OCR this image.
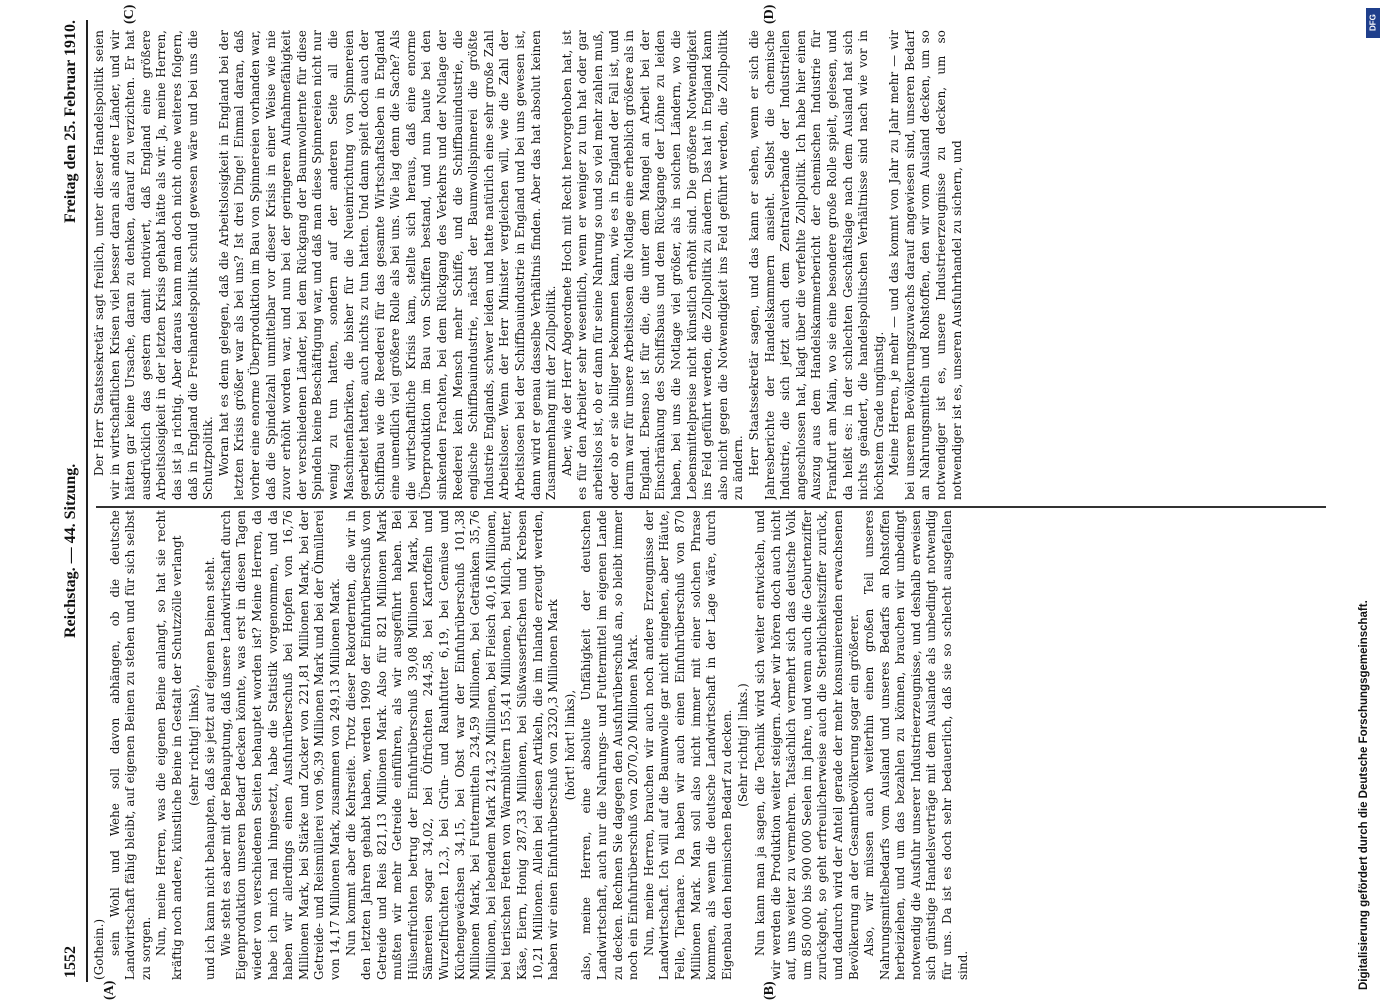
1552
Reichstag. — 44. Sitzung.
Freitag den 25. Februar 1910.

(Gothein.) sein Wohl und Wehe soll davon abhängen, ob die deutsche Landwirtschaft fähig bleibt, auf eigenen Beinen zu stehen und für sich selbst zu sorgen. Nun, meine Herren, was die eigenen Beine anlangt, so hat sie recht kräftig noch andere, künstliche Beine in Gestalt der Schutzzölle verlangt (sehr richtig! links), und ich kann nicht behaupten, daß sie jetzt auf eigenen Beinen steht. Wie steht es aber mit der Behauptung, daß unsere Landwirtschaft durch Eigenproduktion unseren Bedarf decken könnte, was erst in diesen Tagen wieder von verschiedenen Seiten behauptet worden ist? Meine Herren, da habe ich mich mal hingesetzt, habe die Statistik vorgenommen, und da haben wir allerdings einen Ausfuhrüberschuß bei Hopfen von 16,76 Millionen Mark, bei Stärke und Zucker von 221,81 Millionen Mark, bei der Getreide- und Reismüllerei von 96,39 Millionen Mark und bei der Ölmüllerei von 14,17 Millionen Mark, zusammen von 249,13 Millionen Mark. Nun kommt aber die Kehrseite. Trotz dieser Rekordernten, die wir in den letzten Jahren gehabt haben, werden 1909 der Einfuhrüberschuß von Getreide und Reis 821,13 Millionen Mark. Also für 821 Millionen Mark mußten wir mehr Getreide einführen, als wir ausgeführt haben. Bei Hülsenfrüchten betrug der Einfuhrüberschuß 39,08 Millionen Mark, bei Sämereien sogar 34,02, bei Ölfrüchten 244,58, bei Kartoffeln und Wurzelfrüchten 12,3, bei Grün- und Rauhfutter 6,19, bei Gemüse und Küchengewächsen 34,15, bei Obst war der Einfuhrüberschuß 101,38 Millionen Mark, bei Futtermitteln 234,59 Millionen, bei Getränken 35,76 Millionen, bei lebendem Mark 214,32 Millionen, bei Fleisch 40,16 Millionen, bei tierischen Fetten von Warmblütern 155,41 Millionen, bei Milch, Butter, Käse, Eiern, Honig 287,33 Millionen, bei Süßwasserfischen und Krebsen 10,21 Millionen. Allein bei diesen Artikeln, die im Inlande erzeugt werden, haben wir einen Einfuhrüberschuß von 2320,3 Millionen Mark (hört! hört! links), also, meine Herren, eine absolute Unfähigkeit der deutschen Landwirtschaft, auch nur die Nahrungs- und Futtermittel im eigenen Lande zu decken. Rechnen Sie dagegen den Ausfuhrüberschuß an, so bleibt immer noch ein Einfuhrüberschuß von 2070,20 Millionen Mark. Nun, meine Herren, brauchen wir auch noch andere Erzeugnisse der Landwirtschaft. Ich will auf die Baumwolle gar nicht eingehen, aber Häute, Felle, Tierhaare. Da haben wir auch einen Einfuhrüberschuß von 870 Millionen Mark. Man soll also nicht immer mit einer solchen Phrase kommen, als wenn die deutsche Landwirtschaft in der Lage wäre, durch Eigenbau den heimischen Bedarf zu decken. (Sehr richtig! links.) Nun kann man ja sagen, die Technik wird sich weiter entwickeln, und wir werden die Produktion weiter steigern. Aber wir hören doch auch nicht auf, uns weiter zu vermehren. Tatsächlich vermehrt sich das deutsche Volk um 850 000 bis 900 000 Seelen im Jahre, und wenn auch die Geburtenziffer zurückgeht, so geht erfreulicherweise auch die Sterblichkeitsziffer zurück, und dadurch wird der Anteil gerade der mehr konsumierenden erwachsenen Bevölkerung an der Gesamtbevölkerung sogar ein größerer. Also, wir müssen auch weiterhin einen großen Teil unseres Nahrungsmittelbedarfs vom Ausland und unseres Bedarfs an Rohstoffen herbeiziehen, und um das bezahlen zu können, brauchen wir unbedingt notwendig die Ausfuhr unserer Industrieerzeugnisse, und deshalb erweisen sich günstige Handelsverträge mit dem Auslande als unbedingt notwendig für uns. Da ist es doch sehr bedauerlich, daß sie so schlecht ausgefallen sind.

Der Herr Staatssekretär sagt freilich, unter dieser Handelspolitik seien wir in wirtschaftlichen Krisen viel besser daran als andere Länder, und wir hätten gar keine Ursache, daran zu denken, darauf zu verzichten. Er hat ausdrücklich das gestern damit motiviert, daß England eine größere Arbeitslosigkeit in der letzten Krisis gehabt hätte als wir. Ja, meine Herren, das ist ja richtig. Aber daraus kann man doch nicht ohne weiteres folgern, daß in England die Freihandelspolitik schuld gewesen wäre und bei uns die Schutzpolitik. Woran hat es denn gelegen, daß die Arbeitslosigkeit in England bei der letzten Krisis größer war als bei uns? Ist drei Dinge! Einmal daran, daß vorher eine enorme Überproduktion im Bau von Spinnereien vorhanden war, daß die Spindelzahl unmittelbar vor dieser Krisis in einer Weise wie nie zuvor erhöht worden war, und nun bei der geringeren Aufnahmefähigkeit der verschiedenen Länder, bei dem Rückgang der Baumwollernte für diese Spindeln keine Beschäftigung war, und daß man diese Spinnereien nicht nur wenig zu tun hatten, sondern auf der anderen Seite all die Maschinenfabriken, die bisher für die Neueinrichtung von Spinnereien gearbeitet hatten, auch nichts zu tun hatten. Und dann spielt doch auch der Schiffbau wie die Reederei für das gesamte Wirtschaftsleben in England eine unendlich viel größere Rolle als bei uns. Wie lag denn die Sache? Als die wirtschaftliche Krisis kam, stellte sich heraus, daß eine enorme Überproduktion im Bau von Schiffen bestand, und nun baute bei den sinkenden Frachten, bei dem Rückgang des Verkehrs und der Notlage der Reederei kein Mensch mehr Schiffe, und die Schiffbauindustrie, die englische Schiffbauindustrie, nächst der Baumwollspinnerei die größte Industrie Englands, schwer leiden und hatte natürlich eine sehr große Zahl Arbeitsloser. Wenn der Herr Minister vergleichen will, wie die Zahl der Arbeitslosen bei der Schiffbauindustrie in England und bei uns gewesen ist, dann wird er genau dasselbe Verhältnis finden. Aber das hat absolut keinen Zusammenhang mit der Zollpolitik. Aber, wie der Herr Abgeordnete Hoch mit Recht hervorgehoben hat, ist es für den Arbeiter sehr wesentlich, wenn er weniger zu tun hat oder gar arbeitslos ist, ob er dann für seine Nahrung so und so viel mehr zahlen muß, oder ob er sie billiger bekommen kann, wie es in England der Fall ist, und darum war für unsere Arbeitslosen die Notlage eine erheblich größere als in England. Ebenso ist für die, die unter dem Mangel an Arbeit bei der Einschränkung des Schiffsbaus und dem Rückgange der Löhne zu leiden haben, bei uns die Notlage viel größer, als in solchen Ländern, wo die Lebensmittelpreise nicht künstlich erhöht sind. Die größere Notwendigkeit ins Feld geführt werden, die Zollpolitik zu ändern. Das hat in England kann also nicht gegen die Notwendigkeit ins Feld geführt werden, die Zollpolitik zu ändern. Herr Staatssekretär sagen, und das kann er sehen, wenn er sich die Jahresberichte der Handelskammern ansieht. Selbst die chemische Industrie, die sich jetzt auch dem Zentralverbande der Industriellen angeschlossen hat, klagt über die verfehlte Zollpolitik. Ich habe hier einen Auszug aus dem Handelskammerbericht der chemischen Industrie für Frankfurt am Main, wo sie eine besondere große Rolle spielt, gelesen, und da heißt es: in der schlechten Geschäftslage nach dem Ausland hat sich nichts geändert, die handelspolitischen Verhältnisse sind nach wie vor in höchstem Grade ungünstig. Meine Herren, je mehr — und das kommt von Jahr zu Jahr mehr — wir bei unserem Bevölkerungszuwachs darauf angewiesen sind, unseren Bedarf an Nahrungsmitteln und Rohstoffen, den wir vom Ausland decken, um so notwendiger ist es, unsere Industrieerzeugnisse zu decken, um so notwendiger ist es, unseren Ausfuhrhandel zu sichern, und

(A)	(B)
(C)	(D)
Digitalisierung gefördert durch die Deutsche Forschungsgemeinschaft.
DFG
